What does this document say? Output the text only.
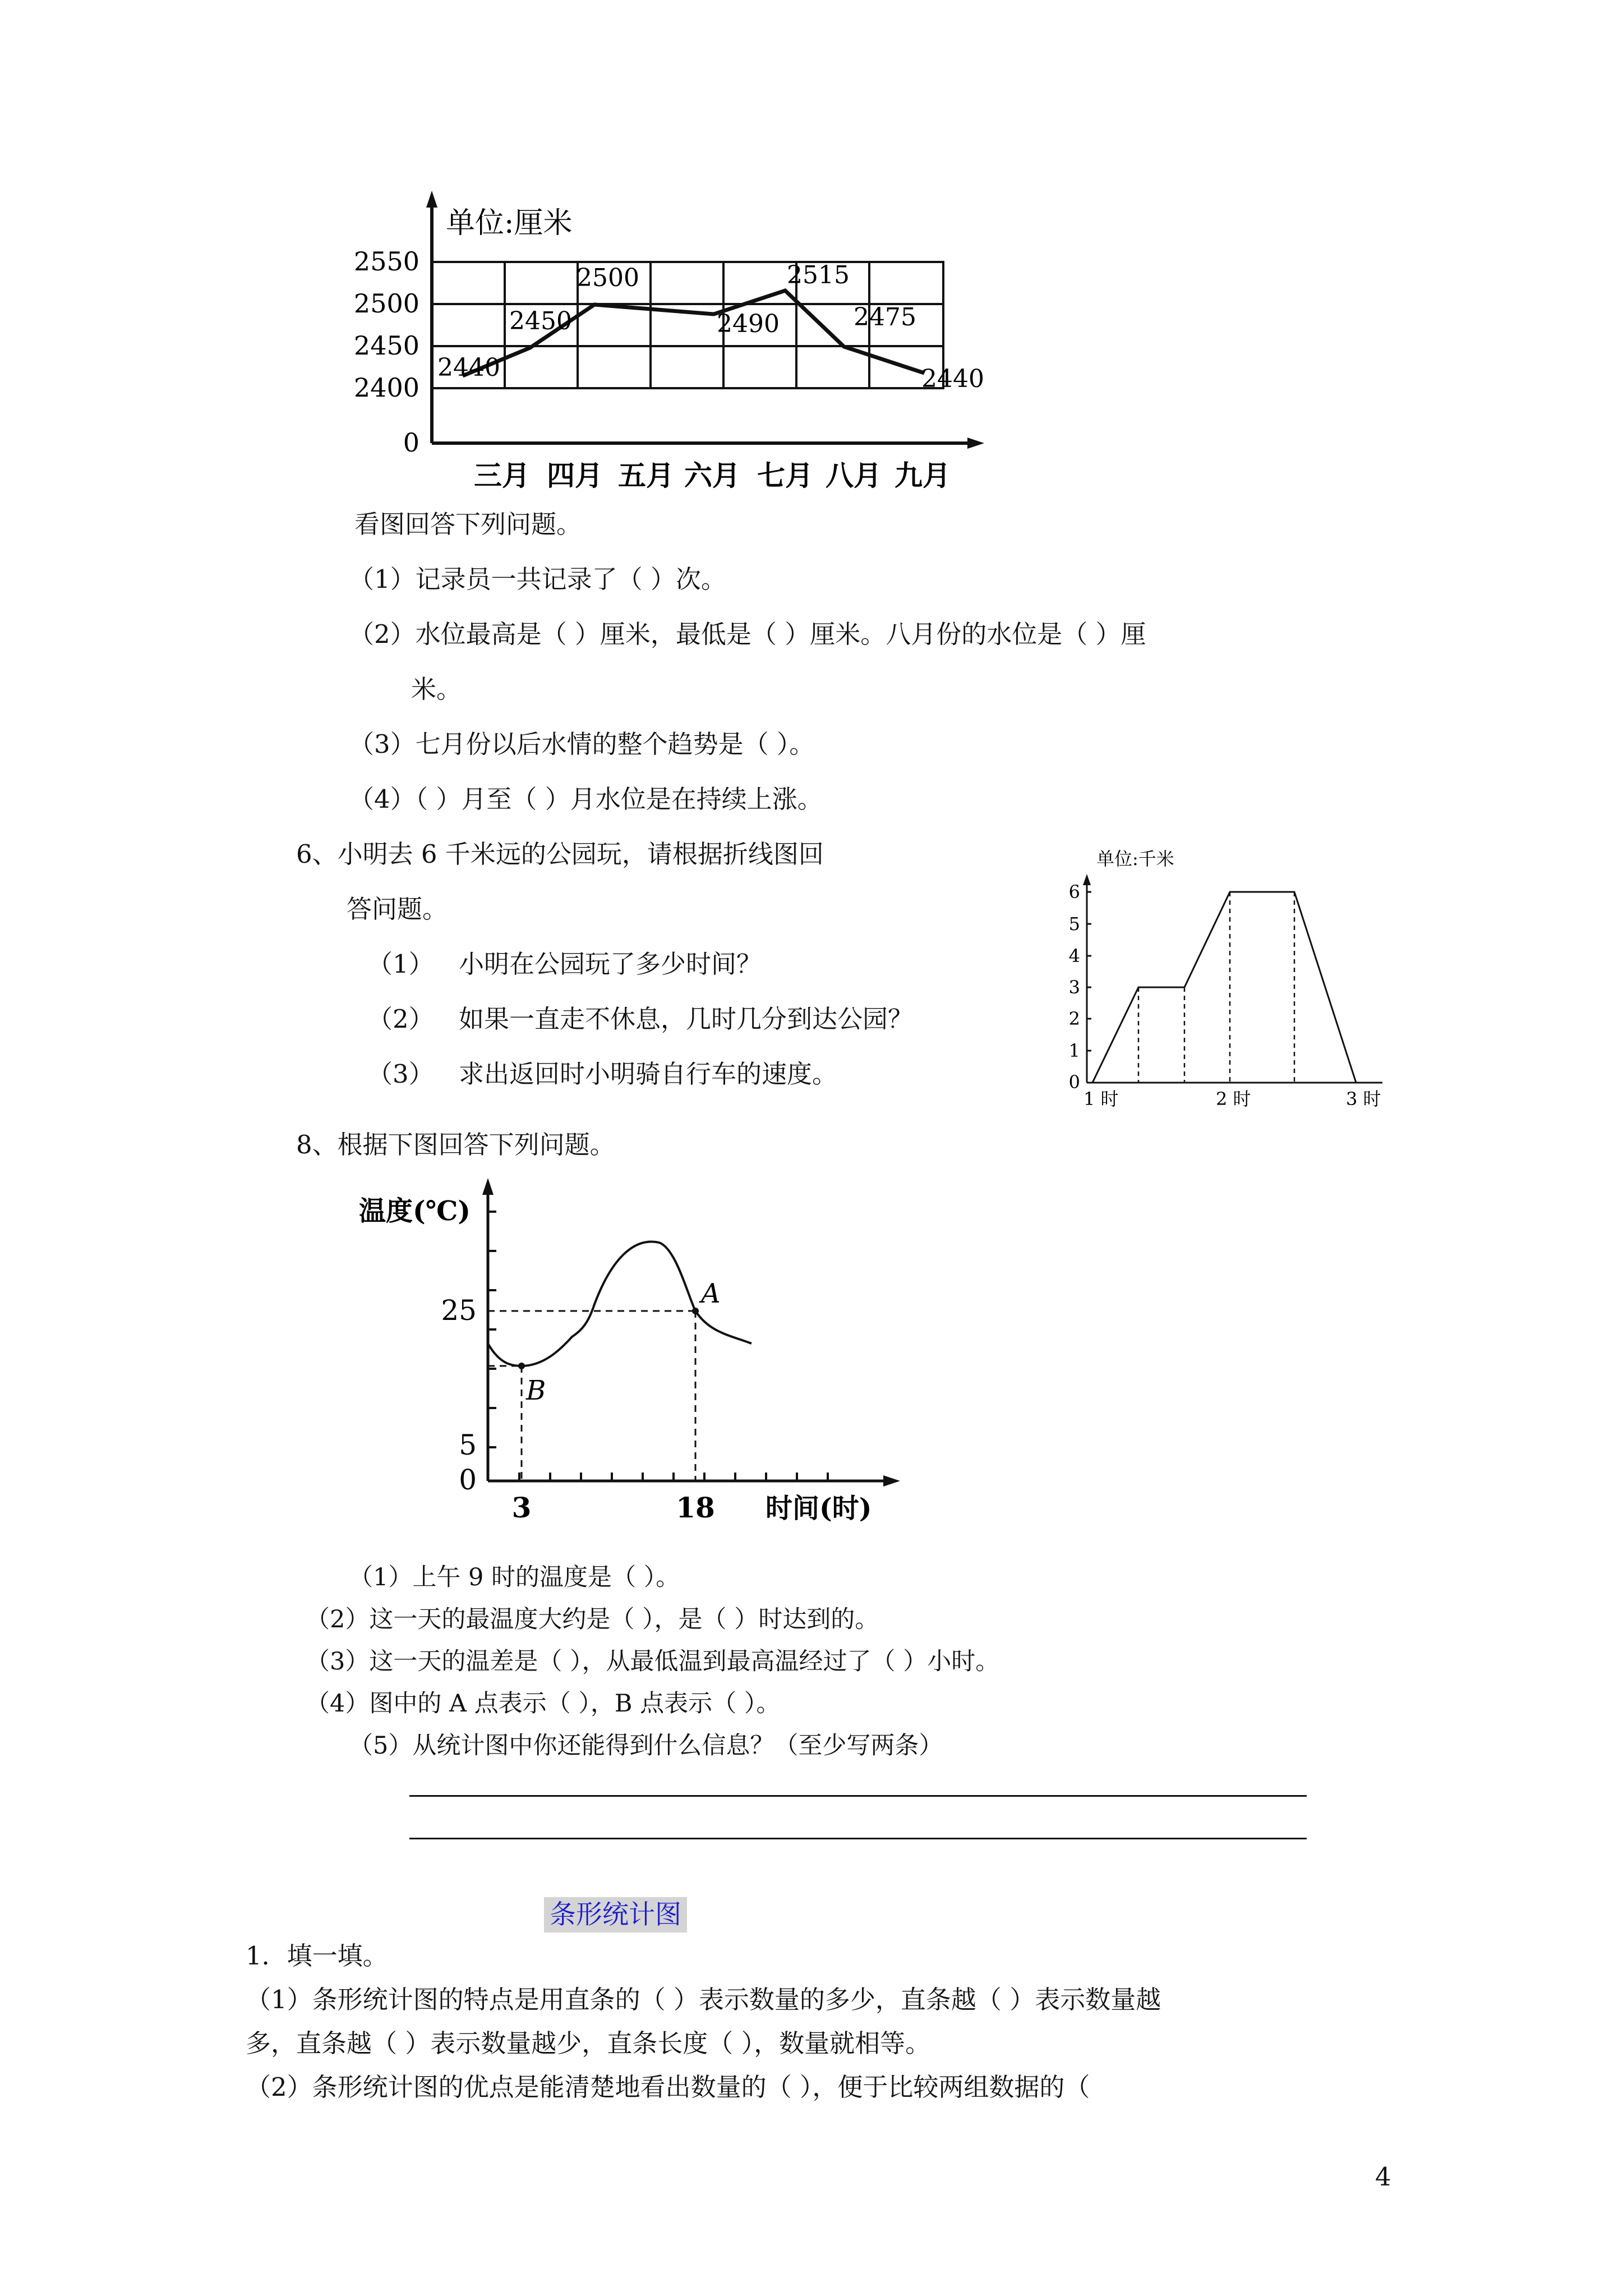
单位:厘米
2550
2500
2450
2400
0
2440
2450
2500
2490
2515
2475
2440
三月 四月 五月 六月 七月 八月 九月
看图回答下列问题。
（1）记录员一共记录了（ ）次。
（2）水位最高是（ ）厘米，最低是（ ）厘米。八月份的水位是（ ）厘
米。
（3）七月份以后水情的整个趋势是（ ）。
（4）（ ）月至（ ）月水位是在持续上涨。
6、小明去 6 千米远的公园玩，请根据折线图回
答问题。
（1） 小明在公园玩了多少时间？
（2） 如果一直走不休息，几时几分到达公园？
（3） 求出返回时小明骑自行车的速度。
单位:千米
6
5
4
3
2
1
0
1 时	2 时	3 时
8、根据下图回答下列问题。
温度(℃)
25
5
0
A
B
3	18 时间(时)
（1）上午 9 时的温度是（ ）。
（2）这一天的最温度大约是（ ），是（ ）时达到的。
（3）这一天的温差是（ ），从最低温到最高温经过了（ ）小时。
（4）图中的 A 点表示（ ），B 点表示（ ）。
（5）从统计图中你还能得到什么信息？（至少写两条）
条形统计图
1．填一填。
（1）条形统计图的特点是用直条的（ ）表示数量的多少，直条越（ ）表示数量越
多，直条越（ ）表示数量越少，直条长度（ ），数量就相等。
（2）条形统计图的优点是能清楚地看出数量的（ ），便于比较两组数据的（
4
